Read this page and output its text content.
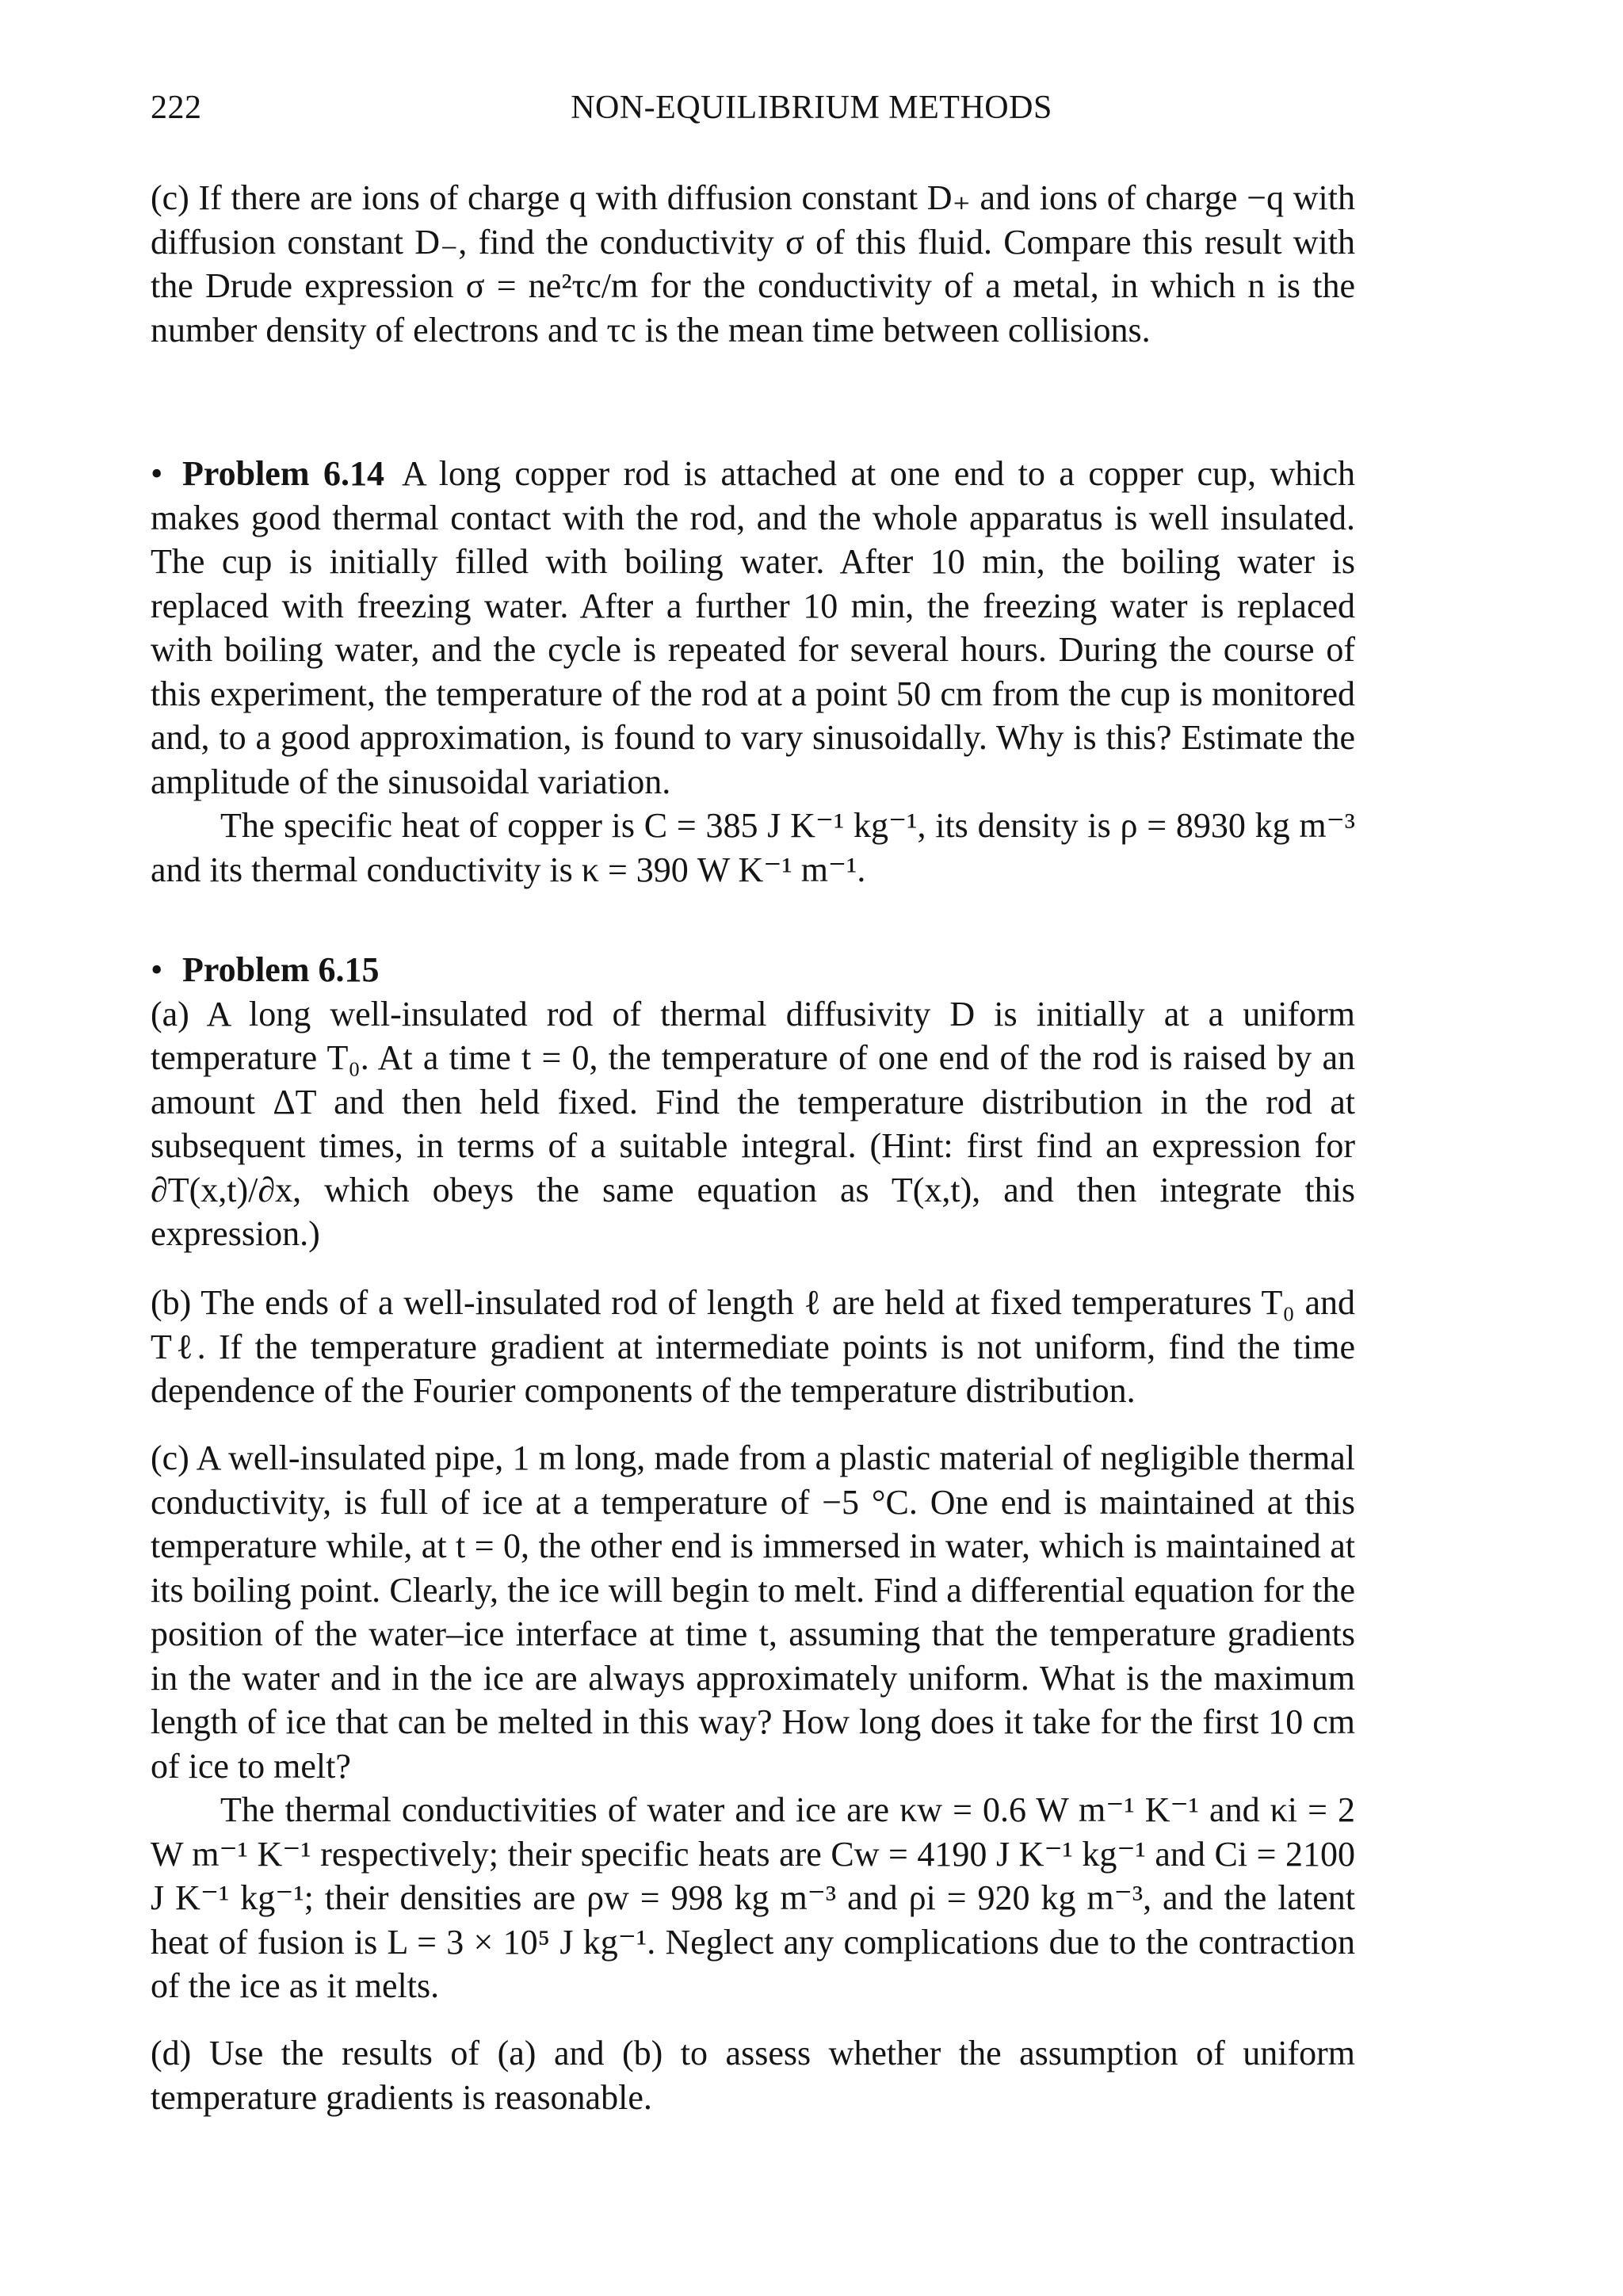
222	NON-EQUILIBRIUM METHODS

(c) If there are ions of charge q with diffusion constant D₊ and ions of charge −q with diffusion constant D₋, find the conductivity σ of this fluid. Compare this result with the Drude expression σ = ne²τc/m for the conductivity of a metal, in which n is the number density of electrons and τc is the mean time between collisions.

• Problem 6.14 A long copper rod is attached at one end to a copper cup, which makes good thermal contact with the rod, and the whole apparatus is well insulated. The cup is initially filled with boiling water. After 10 min, the boiling water is replaced with freezing water. After a further 10 min, the freezing water is replaced with boiling water, and the cycle is repeated for several hours. During the course of this experiment, the temperature of the rod at a point 50 cm from the cup is monitored and, to a good approximation, is found to vary sinusoidally. Why is this? Estimate the amplitude of the sinusoidal variation.

The specific heat of copper is C = 385 J K⁻¹ kg⁻¹, its density is ρ = 8930 kg m⁻³ and its thermal conductivity is κ = 390 W K⁻¹ m⁻¹.

• Problem 6.15

(a) A long well-insulated rod of thermal diffusivity D is initially at a uniform temperature T₀. At a time t = 0, the temperature of one end of the rod is raised by an amount ΔT and then held fixed. Find the temperature distribution in the rod at subsequent times, in terms of a suitable integral. (Hint: first find an expression for ∂T(x,t)/∂x, which obeys the same equation as T(x,t), and then integrate this expression.)

(b) The ends of a well-insulated rod of length ℓ are held at fixed temperatures T₀ and Tℓ. If the temperature gradient at intermediate points is not uniform, find the time dependence of the Fourier components of the temperature distribution.

(c) A well-insulated pipe, 1 m long, made from a plastic material of negligible thermal conductivity, is full of ice at a temperature of −5 °C. One end is maintained at this temperature while, at t = 0, the other end is immersed in water, which is maintained at its boiling point. Clearly, the ice will begin to melt. Find a differential equation for the position of the water–ice interface at time t, assuming that the temperature gradients in the water and in the ice are always approximately uniform. What is the maximum length of ice that can be melted in this way? How long does it take for the first 10 cm of ice to melt?

The thermal conductivities of water and ice are κw = 0.6 W m⁻¹ K⁻¹ and κi = 2 W m⁻¹ K⁻¹ respectively; their specific heats are Cw = 4190 J K⁻¹ kg⁻¹ and Ci = 2100 J K⁻¹ kg⁻¹; their densities are ρw = 998 kg m⁻³ and ρi = 920 kg m⁻³, and the latent heat of fusion is L = 3 × 10⁵ J kg⁻¹. Neglect any complications due to the contraction of the ice as it melts.

(d) Use the results of (a) and (b) to assess whether the assumption of uniform temperature gradients is reasonable.
